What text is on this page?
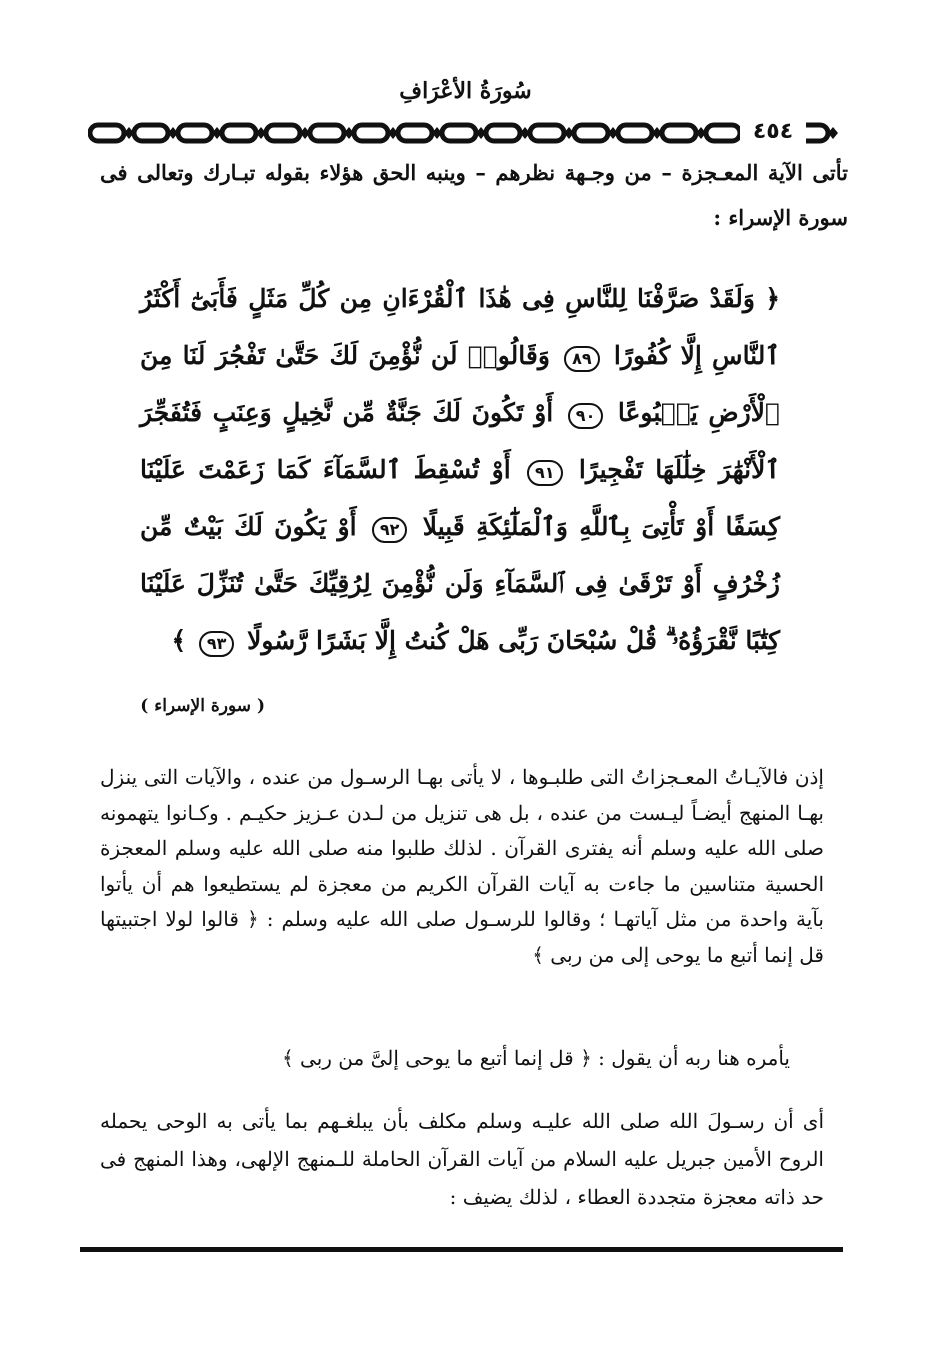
سُورَةُ الأعْرَافِ
٤٥٤

تأتى الآية المعـجزة – من وجـهة نظرهم – وينبه الحق هؤلاء بقوله تبـارك وتعالى فى سورة الإسراء :

﴿ وَلَقَدْ صَرَّفْنَا لِلنَّاسِ فِى هَٰذَا ٱلْقُرْءَانِ مِن كُلِّ مَثَلٍ فَأَبَىٰٓ أَكْثَرُ ٱلنَّاسِ إِلَّا كُفُورًا ٨٩ وَقَالُوا۟ لَن نُّؤْمِنَ لَكَ حَتَّىٰ تَفْجُرَ لَنَا مِنَ ٱلْأَرْضِ يَنۢبُوعًا ٩٠ أَوْ تَكُونَ لَكَ جَنَّةٌ مِّن نَّخِيلٍ وَعِنَبٍ فَتُفَجِّرَ ٱلْأَنْهَٰرَ خِلَٰلَهَا تَفْجِيرًا ٩١ أَوْ تُسْقِطَ ٱلسَّمَآءَ كَمَا زَعَمْتَ عَلَيْنَا كِسَفًا أَوْ تَأْتِىَ بِٱللَّهِ وَٱلْمَلَٰٓئِكَةِ قَبِيلًا ٩٢ أَوْ يَكُونَ لَكَ بَيْتٌ مِّن زُخْرُفٍ أَوْ تَرْقَىٰ فِى ٱلسَّمَآءِ وَلَن نُّؤْمِنَ لِرُقِيِّكَ حَتَّىٰ تُنَزِّلَ عَلَيْنَا كِتَٰبًا نَّقْرَؤُهُۥ ۗ قُلْ سُبْحَانَ رَبِّى هَلْ كُنتُ إِلَّا بَشَرًا رَّسُولًا ٩٣ ﴾

( سورة الإسراء )

إذن فالآيـاتُ المعـجزاتُ التى طلبـوها ، لا يأتى بهـا الرسـول من عنده ، والآيات التى ينزل بهـا المنهج أيضـاً ليـست من عنده ، بل هى تنزيل من لـدن عـزيز حكيـم . وكـانوا يتهمونه صلى الله عليه وسلم أنه يفترى القرآن . لذلك طلبوا منه صلى الله عليه وسلم المعجزة الحسية متناسين ما جاءت به آيات القرآن الكريم من معجزة لم يستطيعوا هم أن يأتوا بآية واحدة من مثل آياتهـا ؛ وقالوا للرسـول صلى الله عليه وسلم : ﴿ قالوا لولا اجتبيتها قل إنما أتبع ما يوحى إلى من ربى ﴾

يأمره هنا ربه أن يقول : ﴿ قل إنما أتبع ما يوحى إلىَّ من ربى ﴾

أى أن رسـولَ الله صلى الله عليـه وسلم مكلف بأن يبلغـهم بما يأتى به الوحى يحمله الروح الأمين جبريل عليه السلام من آيات القرآن الحاملة للـمنهج الإلهى، وهذا المنهج فى حد ذاته معجزة متجددة العطاء ، لذلك يضيف :
